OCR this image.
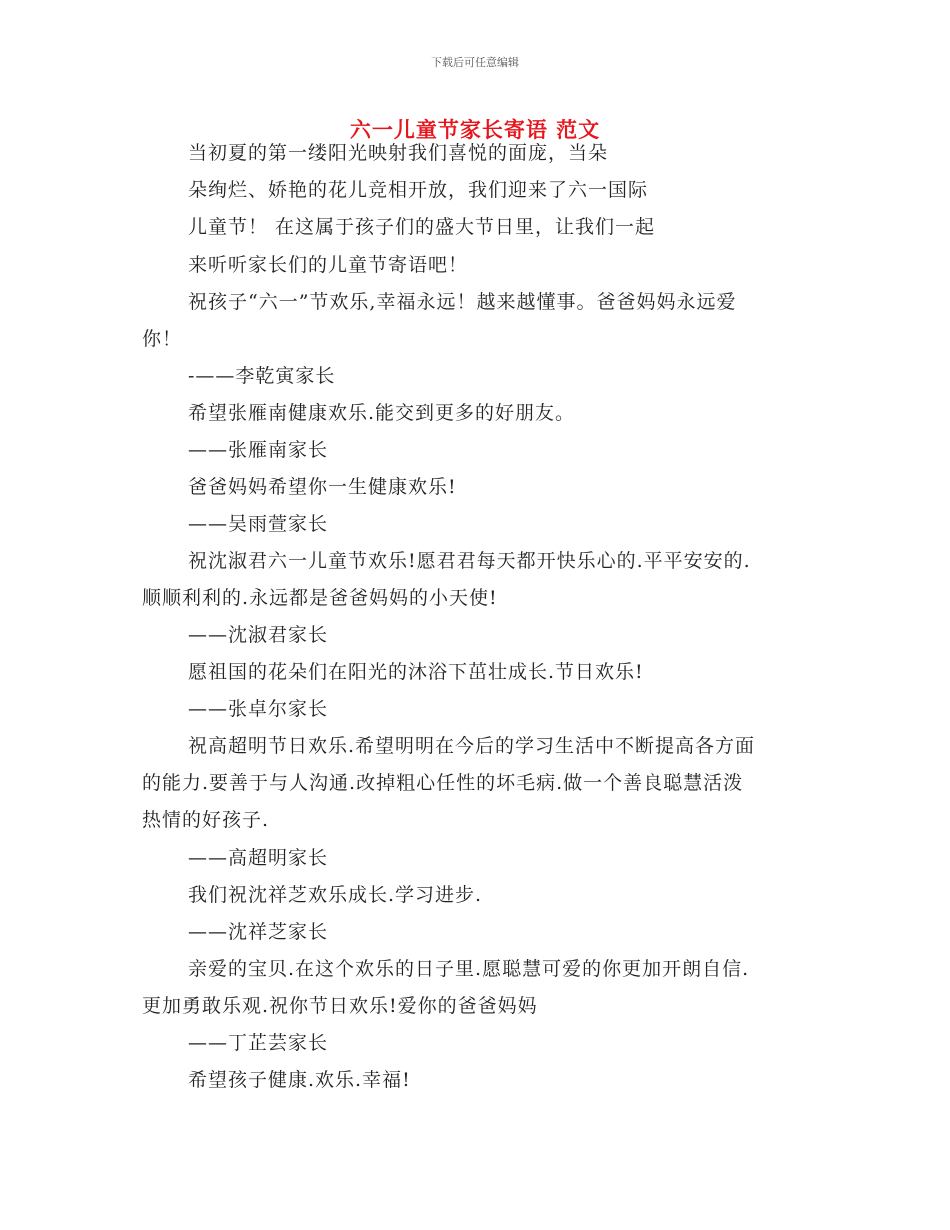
下载后可任意编辑
六一儿童节家长寄语 范文
当初夏的第一缕阳光映射我们喜悦的面庞，当朵
朵绚烂、娇艳的花儿竞相开放，我们迎来了六一国际
儿童节！ 在这属于孩子们的盛大节日里，让我们一起
来听听家长们的儿童节寄语吧！
祝孩子“六一”节欢乐,幸福永远！越来越懂事。爸爸妈妈永远爱
你！
-——李乾寅家长
希望张雁南健康欢乐.能交到更多的好朋友。
——张雁南家长
爸爸妈妈希望你一生健康欢乐!
——吴雨萱家长
祝沈淑君六一儿童节欢乐!愿君君每天都开快乐心的.平平安安的.
顺顺利利的.永远都是爸爸妈妈的小天使!
——沈淑君家长
愿祖国的花朵们在阳光的沐浴下茁壮成长.节日欢乐!
——张卓尔家长
祝高超明节日欢乐.希望明明在今后的学习生活中不断提高各方面
的能力.要善于与人沟通.改掉粗心任性的坏毛病.做一个善良聪慧活泼
热情的好孩子.
——高超明家长
我们祝沈祥芝欢乐成长.学习进步.
——沈祥芝家长
亲爱的宝贝.在这个欢乐的日子里.愿聪慧可爱的你更加开朗自信.
更加勇敢乐观.祝你节日欢乐!爱你的爸爸妈妈
——丁芷芸家长
希望孩子健康.欢乐.幸福!
